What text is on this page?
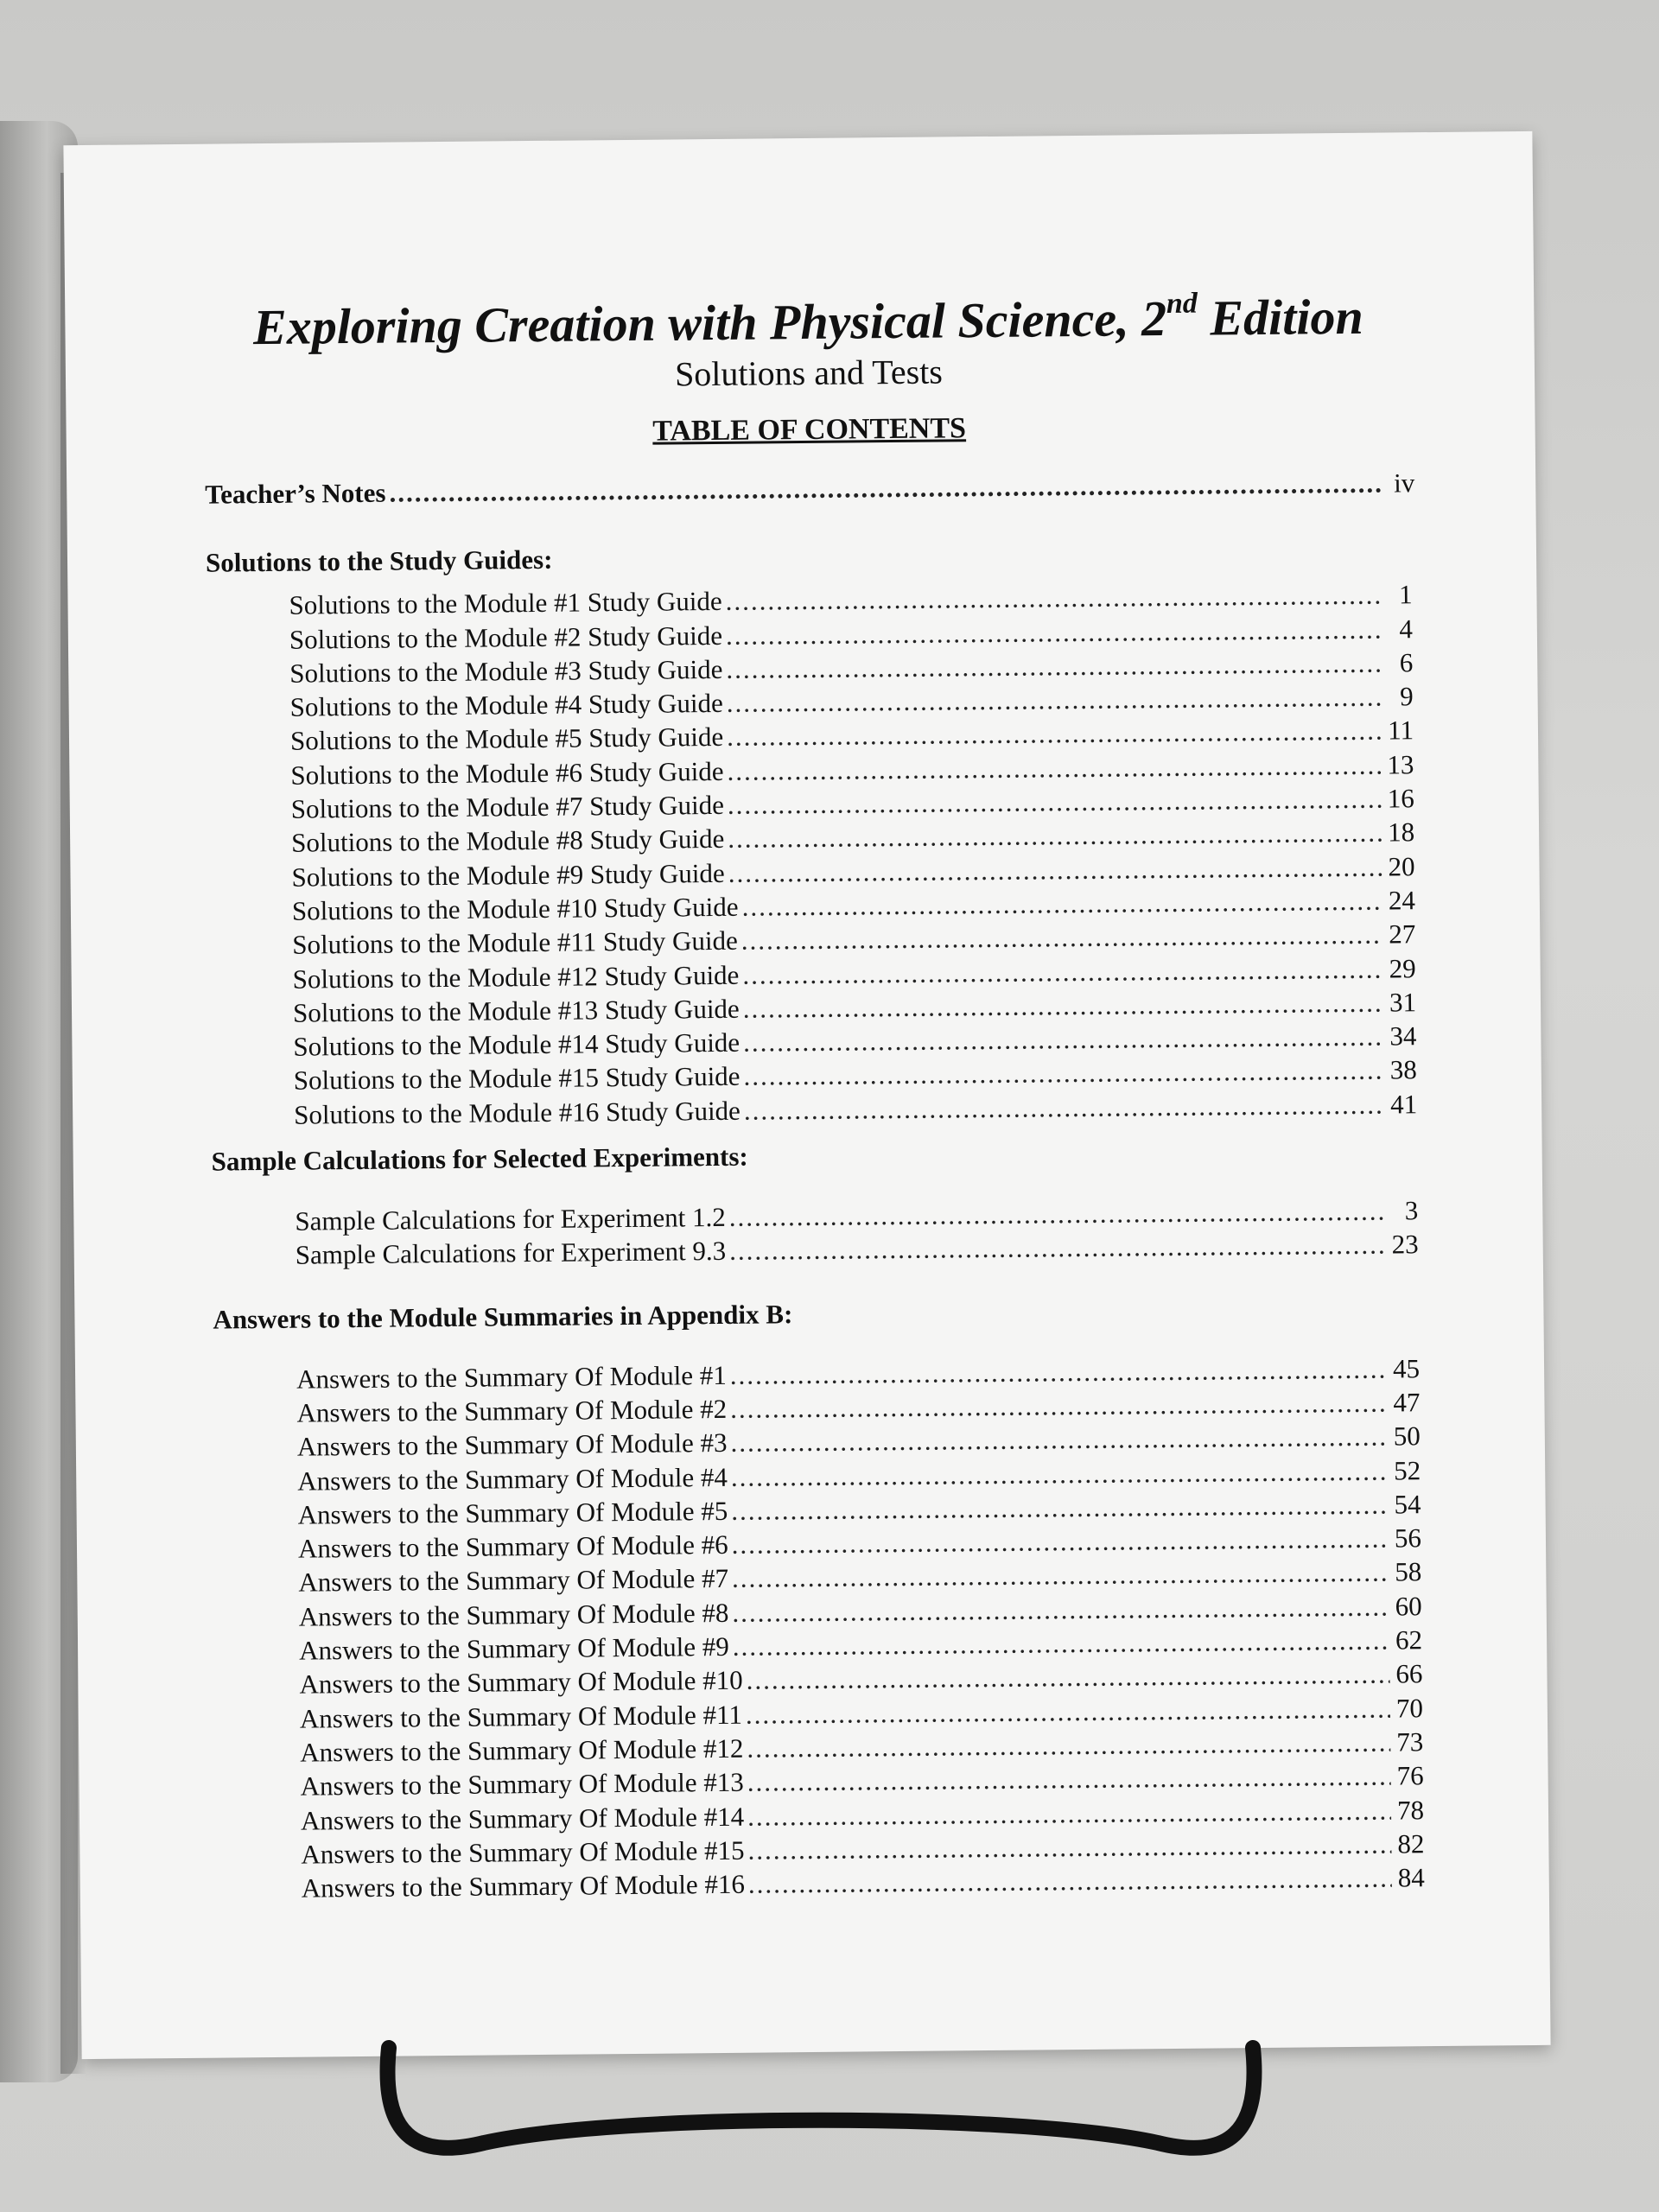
Exploring Creation with Physical Science, 2nd Edition
Solutions and Tests
TABLE OF CONTENTS
Teacher’s Notes .....	iv
Solutions to the Study Guides:
Solutions to the Module #1 Study Guide .....	1
Solutions to the Module #2 Study Guide .....	4
Solutions to the Module #3 Study Guide .....	6
Solutions to the Module #4 Study Guide .....	9
Solutions to the Module #5 Study Guide .....	11
Solutions to the Module #6 Study Guide .....	13
Solutions to the Module #7 Study Guide .....	16
Solutions to the Module #8 Study Guide .....	18
Solutions to the Module #9 Study Guide .....	20
Solutions to the Module #10 Study Guide .....	24
Solutions to the Module #11 Study Guide .....	27
Solutions to the Module #12 Study Guide .....	29
Solutions to the Module #13 Study Guide .....	31
Solutions to the Module #14 Study Guide .....	34
Solutions to the Module #15 Study Guide .....	38
Solutions to the Module #16 Study Guide .....	41
Sample Calculations for Selected Experiments:
Sample Calculations for Experiment 1.2 .....	3
Sample Calculations for Experiment 9.3 .....	23
Answers to the Module Summaries in Appendix B:
Answers to the Summary Of Module #1 .....	45
Answers to the Summary Of Module #2 .....	47
Answers to the Summary Of Module #3 .....	50
Answers to the Summary Of Module #4 .....	52
Answers to the Summary Of Module #5 .....	54
Answers to the Summary Of Module #6 .....	56
Answers to the Summary Of Module #7 .....	58
Answers to the Summary Of Module #8 .....	60
Answers to the Summary Of Module #9 .....	62
Answers to the Summary Of Module #10 .....	66
Answers to the Summary Of Module #11 .....	70
Answers to the Summary Of Module #12 .....	73
Answers to the Summary Of Module #13 .....	76
Answers to the Summary Of Module #14 .....	78
Answers to the Summary Of Module #15 .....	82
Answers to the Summary Of Module #16 .....	84
